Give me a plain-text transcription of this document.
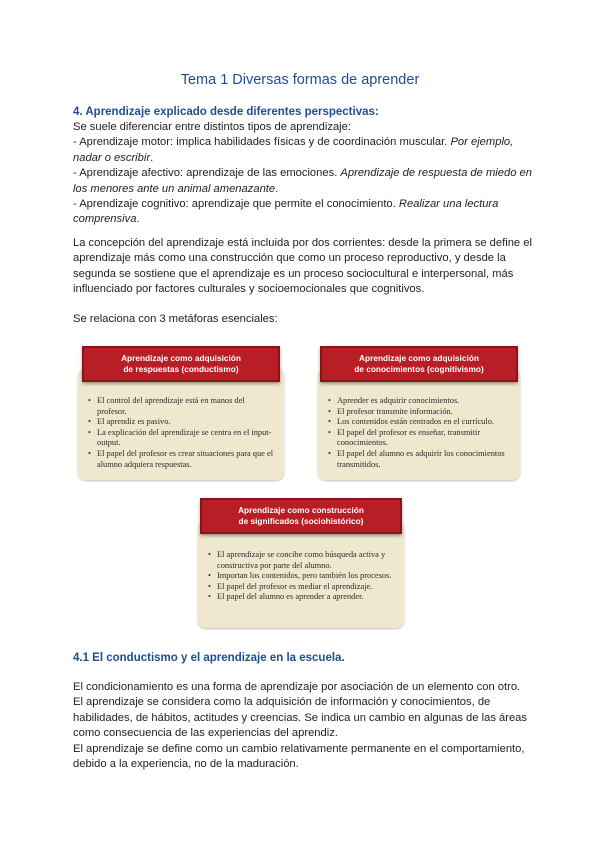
Tema 1 Diversas formas de aprender
4. Aprendizaje explicado desde diferentes perspectivas:

Se suele diferenciar entre distintos tipos de aprendizaje:

- Aprendizaje motor: implica habilidades físicas y de coordinación muscular. Por ejemplo, nadar o escribir.

- Aprendizaje afectivo: aprendizaje de las emociones. Aprendizaje de respuesta de miedo en los menores ante un animal amenazante.

- Aprendizaje cognitivo: aprendizaje que permite el conocimiento. Realizar una lectura comprensiva.

La concepción del aprendizaje está incluida por dos corrientes: desde la primera se define el aprendizaje más como una construcción que como un proceso reproductivo, y desde la segunda se sostiene que el aprendizaje es un proceso sociocultural e interpersonal, más influenciado por factores culturales y socioemocionales que cognitivos.

Se relaciona con 3 metáforas esenciales:

Aprendizaje como adquisición
de respuestas (conductismo)
• El control del aprendizaje está en manos del profesor.
• El aprendiz es pasivo.
• La explicación del aprendizaje se centra en el input-output.
• El papel del profesor es crear situaciones para que el alumno adquiera respuestas.
Aprendizaje como adquisición
de conocimientos (cognitivismo)
• Aprender es adquirir conocimientos.
• El profesor transmite información.
• Los contenidos están centrados en el currículo.
• El papel del profesor es enseñar, transmitir conocimientos.
• El papel del alumno es adquirir los conocimientos transmitidos.
Aprendizaje como construcción
de significados (sociohistórico)
• El aprendizaje se concibe como búsqueda activa y constructiva por parte del alumno.
• Importan los contenidos, pero también los procesos.
• El papel del profesor es mediar el aprendizaje.
• El papel del alumno es aprender a aprender.
4.1 El conductismo y el aprendizaje en la escuela.

El condicionamiento es una forma de aprendizaje por asociación de un elemento con otro.

El aprendizaje se considera como la adquisición de información y conocimientos, de habilidades, de hábitos, actitudes y creencias. Se indica un cambio en algunas de las áreas como consecuencia de las experiencias del aprendiz.

El aprendizaje se define como un cambio relativamente permanente en el comportamiento, debido a la experiencia, no de la maduración.
